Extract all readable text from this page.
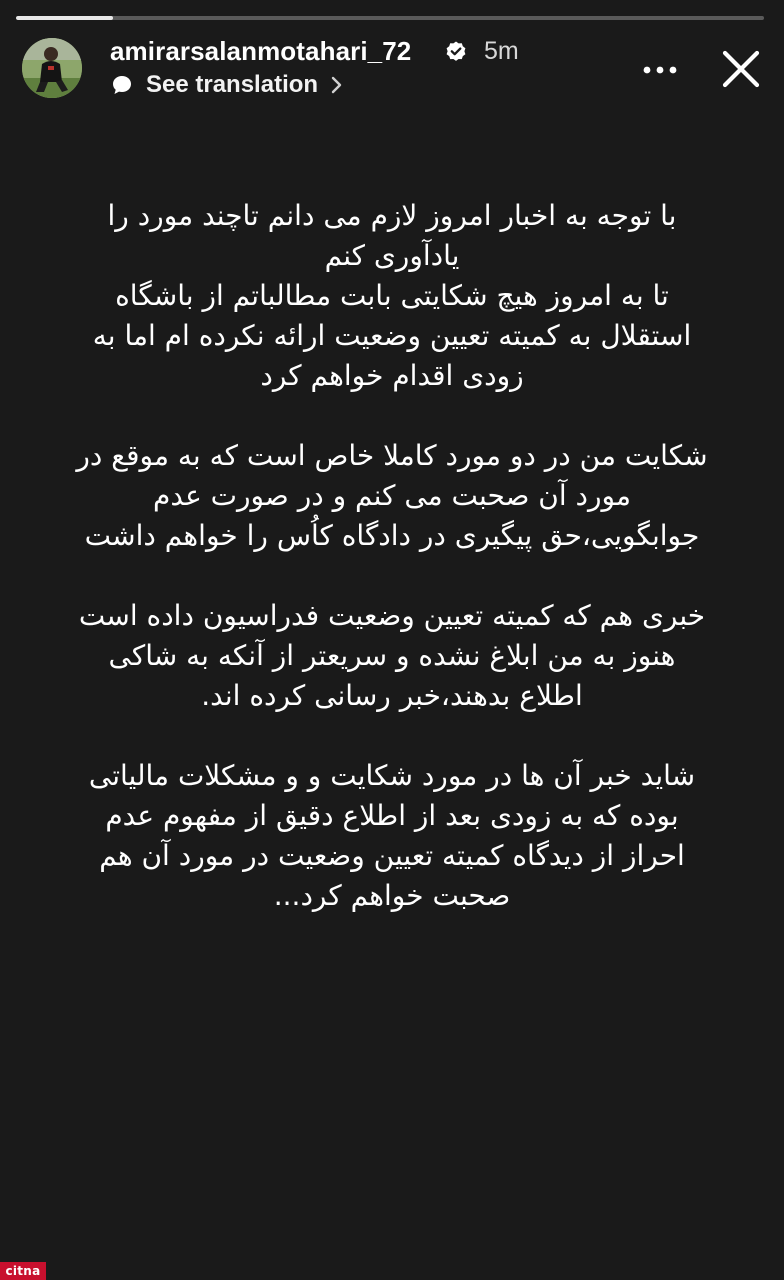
amirarsalanmotahari_72	5m
See translation

با توجه به اخبار امروز لازم می دانم تاچند مورد را
یادآوری کنم
تا به امروز هیچ شکایتی بابت مطالباتم از باشگاه
استقلال به کمیته تعیین وضعیت ارائه نکرده ام اما به
زودی اقدام خواهم کرد

شکایت من در دو مورد کاملا خاص است که به موقع در
مورد آن صحبت می کنم و در صورت عدم
جوابگویی،حق پیگیری در دادگاه کاُس را خواهم داشت

خبری هم که کمیته تعیین وضعیت فدراسیون داده است
هنوز به من ابلاغ نشده و سریعتر از آنکه به شاکی
اطلاع بدهند،خبر رسانی کرده اند.

شاید خبر آن ها در مورد شکایت و و مشکلات مالیاتی
بوده که به زودی بعد از اطلاع دقیق از مفهوم عدم
احراز از دیدگاه کمیته تعیین وضعیت در مورد آن هم
صحبت خواهم کرد...

citna
